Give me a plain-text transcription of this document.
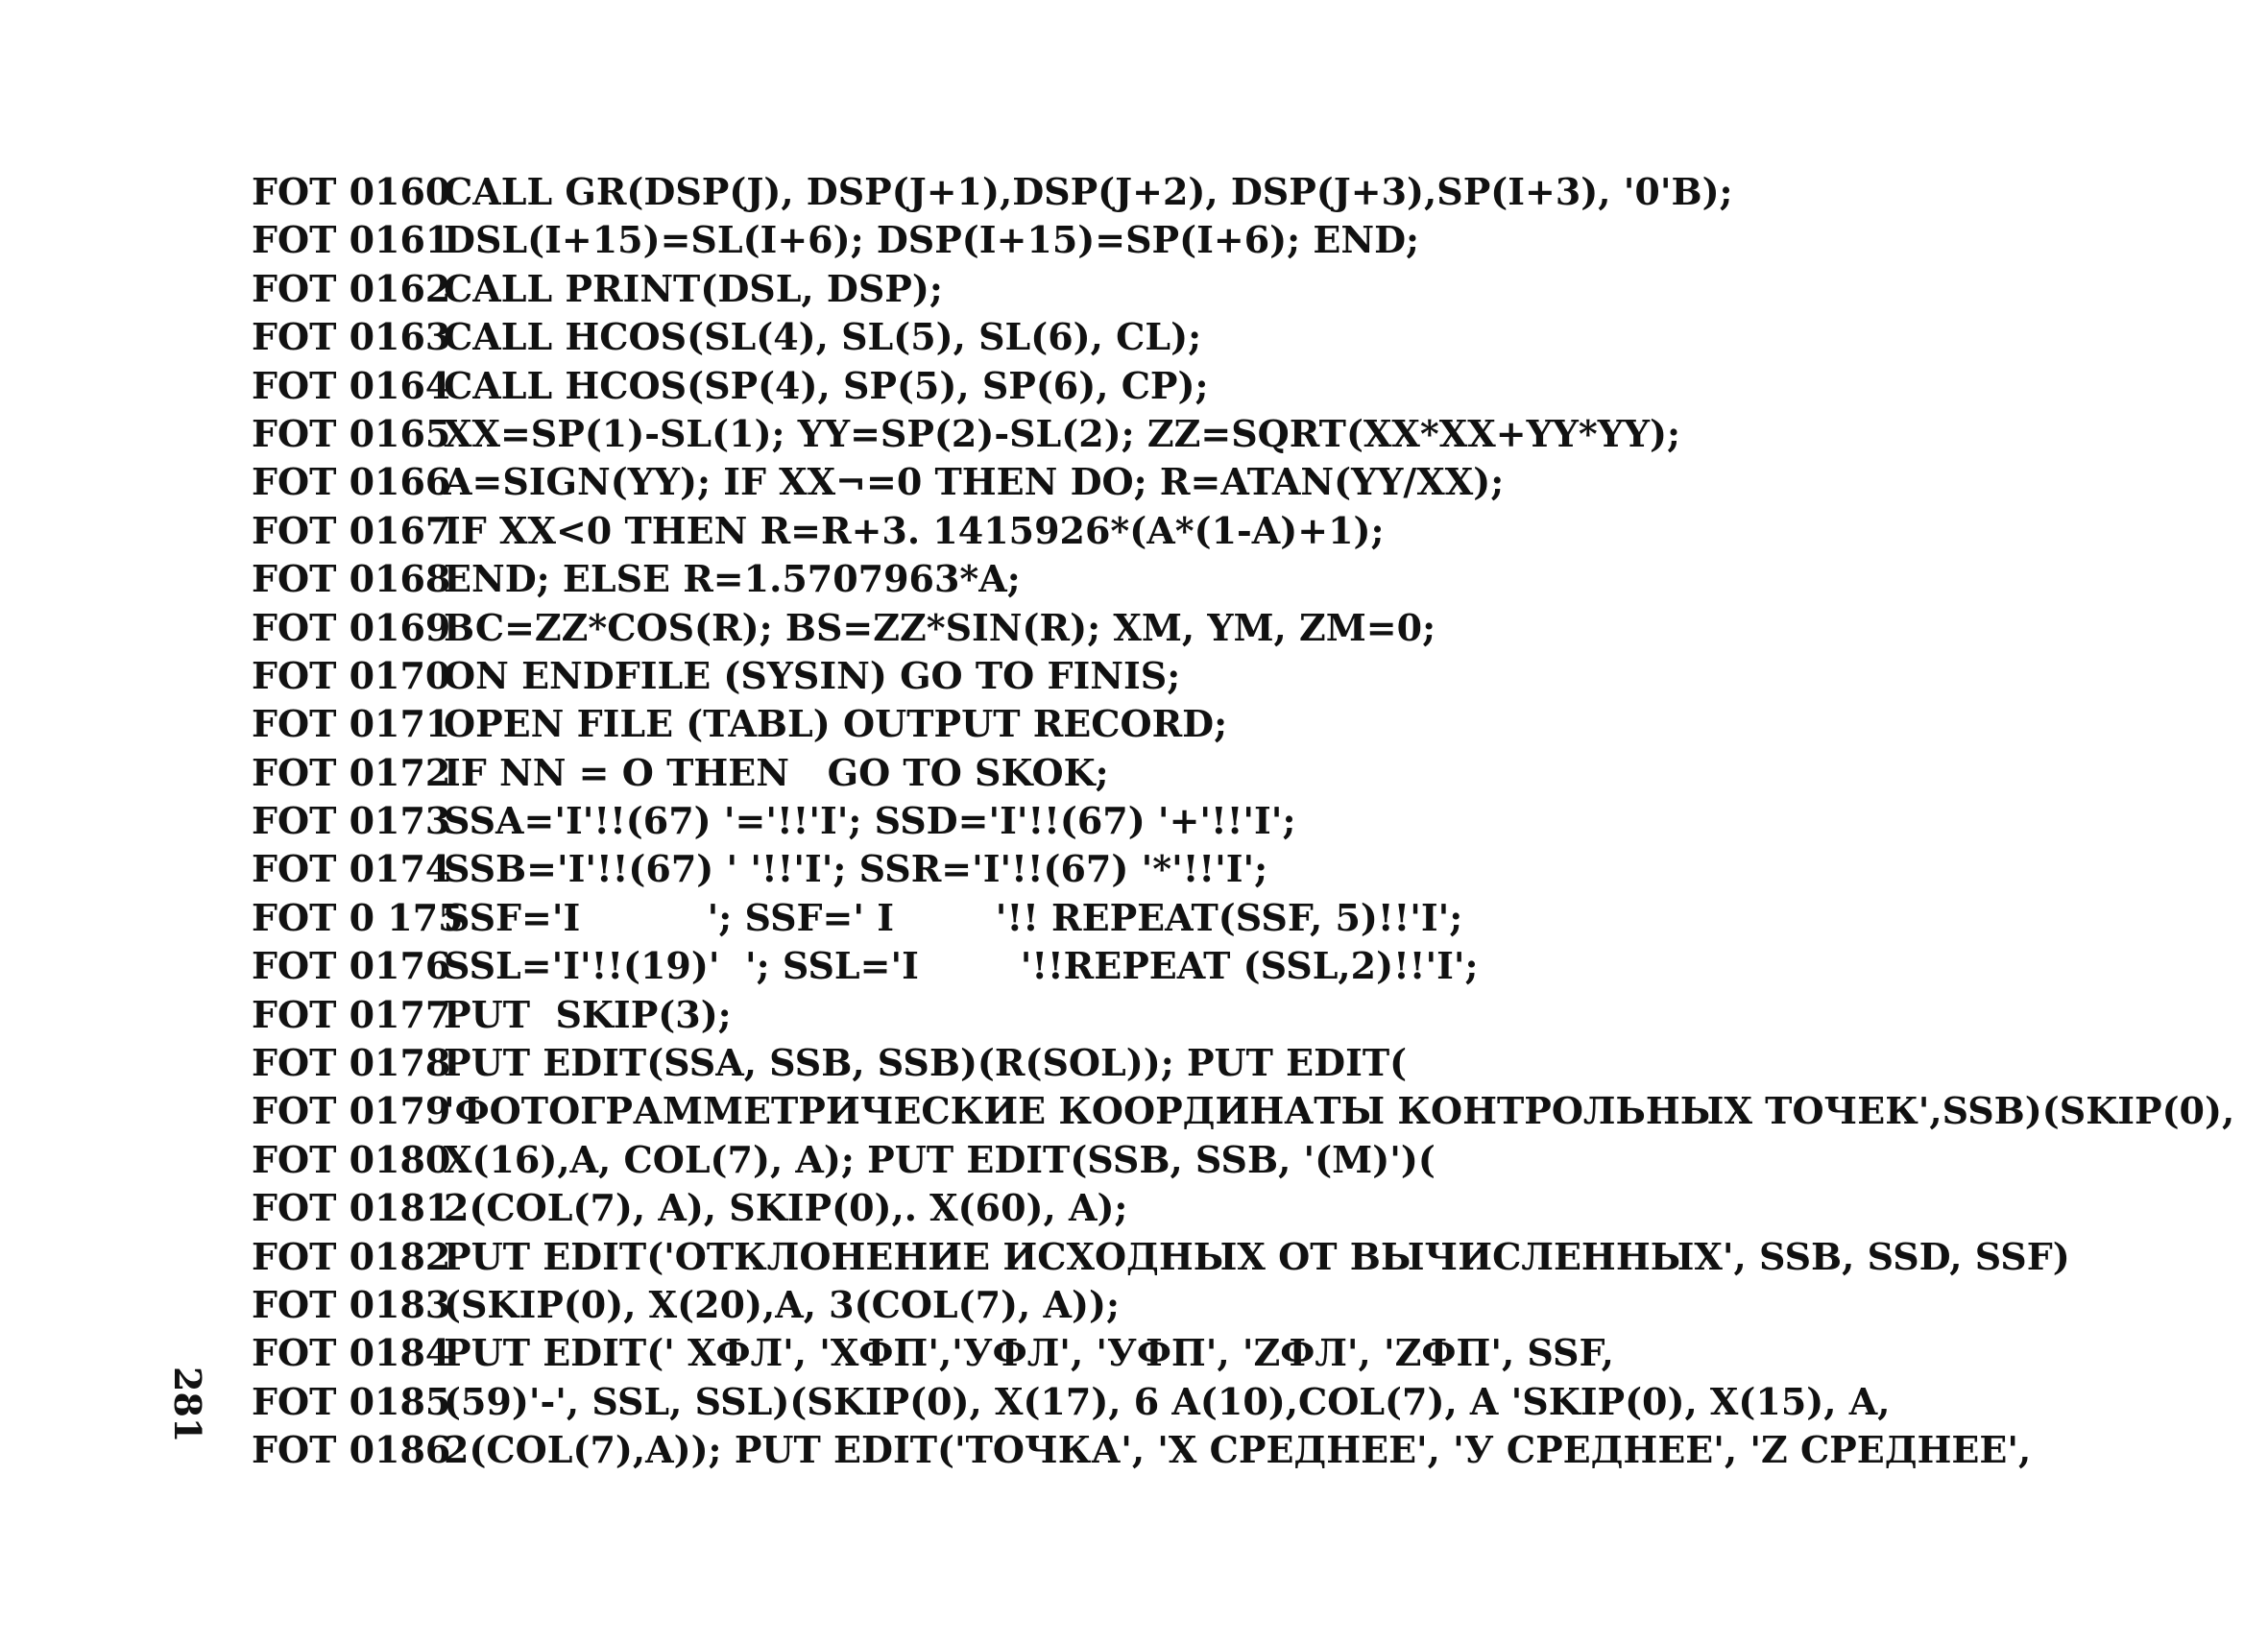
FOT 0160
CALL GR(DSP(J), DSP(J+1),DSP(J+2), DSP(J+3),SP(I+3), '0'B);
FOT 0161
DSL(I+15)=SL(I+6); DSP(I+15)=SP(I+6); END;
FOT 0162
CALL PRINT(DSL, DSP);
FOT 0163
CALL HCOS(SL(4), SL(5), SL(6), CL);
FOT 0164
CALL HCOS(SP(4), SP(5), SP(6), CP);
FOT 0165
XX=SP(1)-SL(1); YY=SP(2)-SL(2); ZZ=SQRT(XX*XX+YY*YY);
FOT 0166
A=SIGN(YY); IF XX¬=0 THEN DO; R=ATAN(YY/XX);
FOT 0167
IF XX<0 THEN R=R+3. 1415926*(A*(1-A)+1);
FOT 0168
END; ELSE R=1.5707963*A;
FOT 0169
BC=ZZ*COS(R); BS=ZZ*SIN(R); XM, YM, ZM=0;
FOT 0170
ON ENDFILE (SYSIN) GO TO FINIS;
FOT 0171
OPEN FILE (TABL) OUTPUT RECORD;
FOT 0172
IF NN = O THEN   GO TO SKOK;
FOT 0173
SSA='I'!!(67) '='!!'I'; SSD='I'!!(67) '+'!!'I';
FOT 0174
SSB='I'!!(67) ' '!!'I'; SSR='I'!!(67) '*'!!'I';
FOT 0 175
SSF='I          '; SSF=' I        '!! REPEAT(SSF, 5)!!'I';
FOT 0176
SSL='I'!!(19)'  '; SSL='I        '!!REPEAT (SSL,2)!!'I';
FOT 0177
PUT  SKIP(3);
FOT 0178
PUT EDIT(SSA, SSB, SSB)(R(SOL)); PUT EDIT(
FOT 0179
'ФОТОГРАММЕТРИЧЕСКИЕ КООРДИНАТЫ КОНТРОЛЬНЫХ ТОЧЕК',SSB)(SKIP(0),
FOT 0180
X(16),A, COL(7), A); PUT EDIT(SSB, SSB, '(M)')(
FOT 0181
2(COL(7), A), SKIP(0),. X(60), A);
FOT 0182
PUT EDIT('ОТКЛОНЕНИЕ ИСХОДНЫХ ОТ ВЫЧИСЛЕННЫХ', SSB, SSD, SSF)
FOT 0183
(SKIP(0), X(20),A, 3(COL(7), A));
FOT 0184
PUT EDIT(' ХФЛ', 'ХФП','УФЛ', 'УФП', 'ZФЛ', 'ZФП', SSF,
FOT 0185
(59)'-', SSL, SSL)(SKIP(0), X(17), 6 A(10),COL(7), A 'SKIP(0), X(15), A,
FOT 0186
2(COL(7),A)); PUT EDIT('ТОЧКА', 'X СРЕДНЕЕ', 'У СРЕДНЕЕ', 'Z СРЕДНЕЕ',
281
